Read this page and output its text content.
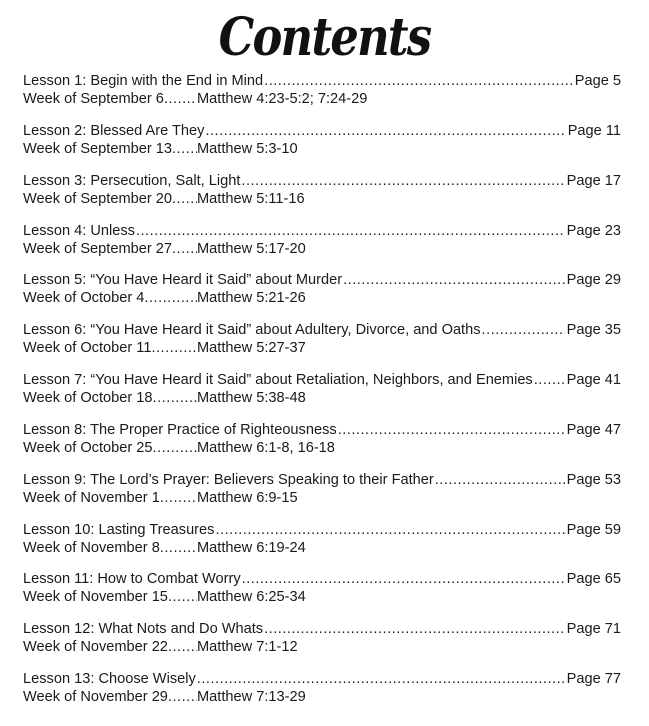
Contents
Lesson 1: Begin with the End in Mind .....	Page 5
Week of September 6 .....	Matthew 4:23-5:2; 7:24-29
Lesson 2: Blessed Are They .....	Page 11
Week of September 13 .....	Matthew 5:3-10
Lesson 3: Persecution, Salt, Light .....	Page 17
Week of September 20 .....	Matthew 5:11-16
Lesson 4: Unless .....	Page 23
Week of September 27 .....	Matthew 5:17-20
Lesson 5: “You Have Heard it Said” about Murder .....	Page 29
Week of October 4 .....	Matthew 5:21-26
Lesson 6: “You Have Heard it Said” about Adultery, Divorce, and Oaths .....	Page 35
Week of October 11 .....	Matthew 5:27-37
Lesson 7: “You Have Heard it Said” about Retaliation, Neighbors, and Enemies ..... Page 41
Week of October 18 .....	Matthew 5:38-48
Lesson 8: The Proper Practice of Righteousness .....	Page 47
Week of October 25 .....	Matthew 6:1-8, 16-18
Lesson 9: The Lord’s Prayer: Believers Speaking to their Father .....	Page 53
Week of November 1 .....	Matthew 6:9-15
Lesson 10: Lasting Treasures .....	Page 59
Week of November 8 .....	Matthew 6:19-24
Lesson 11: How to Combat Worry .....	Page 65
Week of November 15 .....	Matthew 6:25-34
Lesson 12: What Nots and Do Whats .....	Page 71
Week of November 22 .....	Matthew 7:1-12
Lesson 13: Choose Wisely .....	Page 77
Week of November 29 .....	Matthew 7:13-29
